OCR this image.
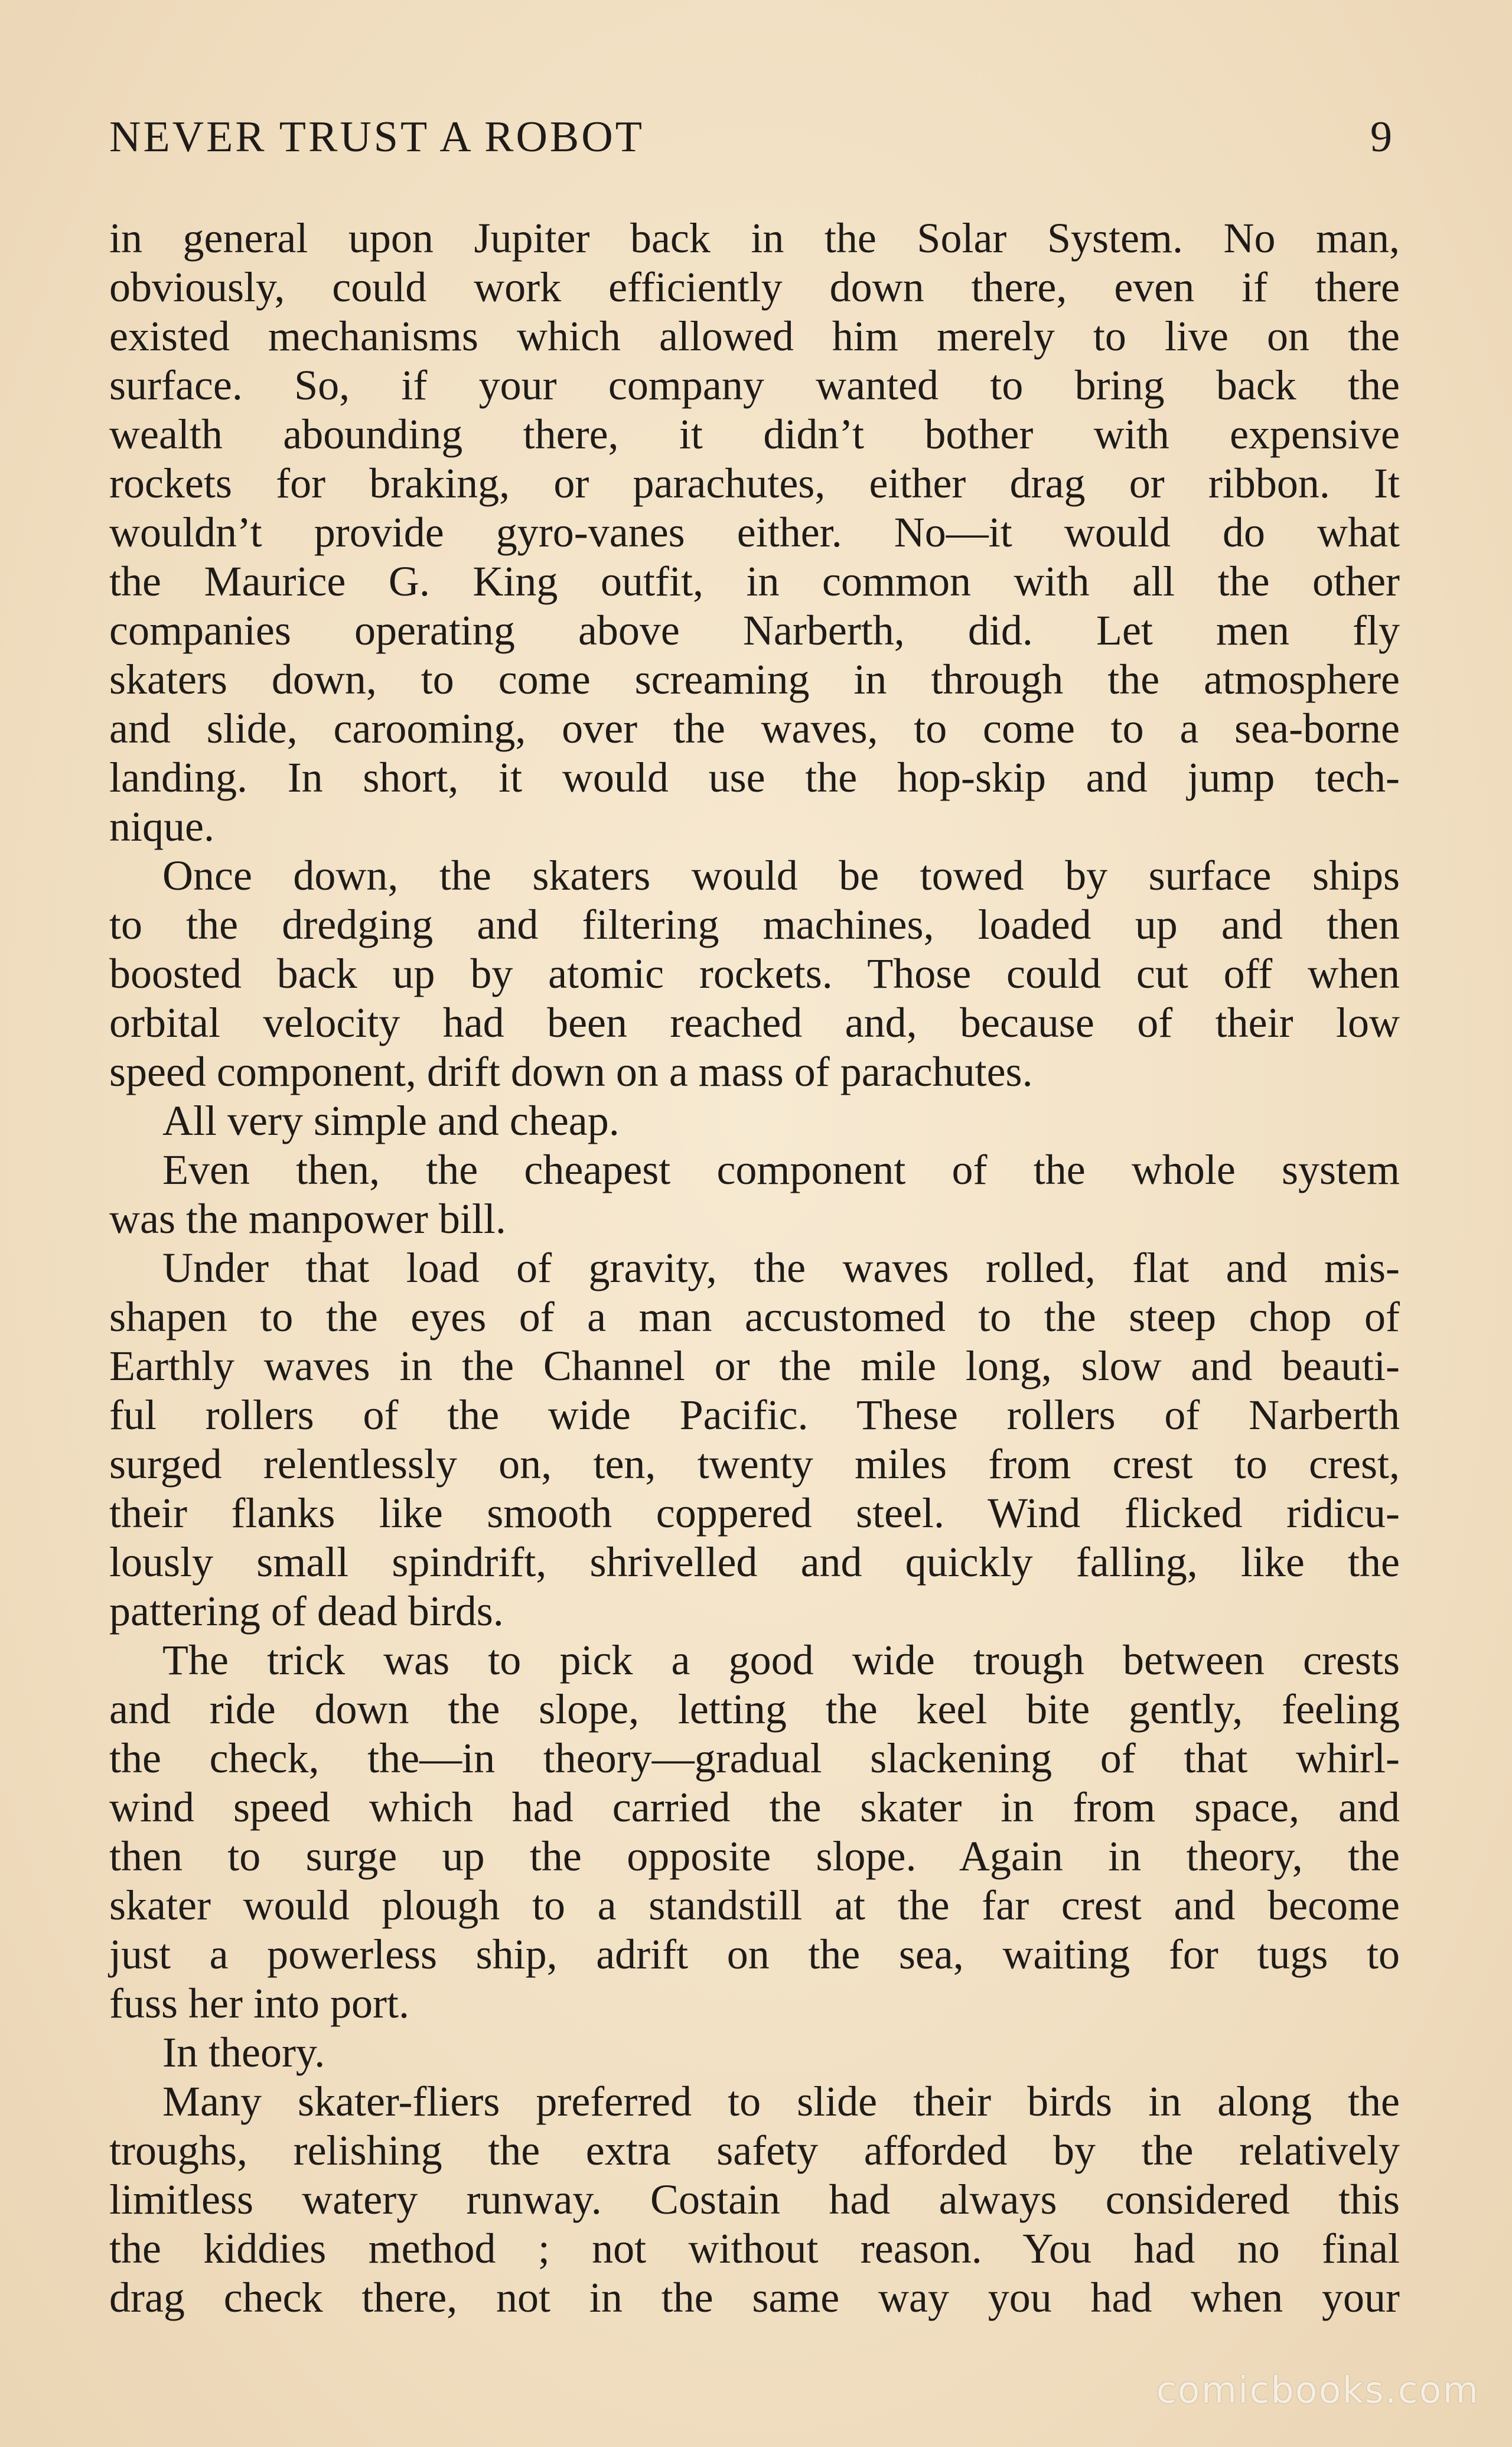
NEVER TRUST A ROBOT	9
in general upon Jupiter back in the Solar System. No man,
obviously, could work efficiently down there, even if there
existed mechanisms which allowed him merely to live on the
surface. So, if your company wanted to bring back the
wealth abounding there, it didn’t bother with expensive
rockets for braking, or parachutes, either drag or ribbon. It
wouldn’t provide gyro-vanes either. No—it would do what
the Maurice G. King outfit, in common with all the other
companies operating above Narberth, did. Let men fly
skaters down, to come screaming in through the atmosphere
and slide, carooming, over the waves, to come to a sea-borne
landing. In short, it would use the hop-skip and jump tech-
nique.
Once down, the skaters would be towed by surface ships
to the dredging and filtering machines, loaded up and then
boosted back up by atomic rockets. Those could cut off when
orbital velocity had been reached and, because of their low
speed component, drift down on a mass of parachutes.
All very simple and cheap.
Even then, the cheapest component of the whole system
was the manpower bill.
Under that load of gravity, the waves rolled, flat and mis-
shapen to the eyes of a man accustomed to the steep chop of
Earthly waves in the Channel or the mile long, slow and beauti-
ful rollers of the wide Pacific. These rollers of Narberth
surged relentlessly on, ten, twenty miles from crest to crest,
their flanks like smooth coppered steel. Wind flicked ridicu-
lously small spindrift, shrivelled and quickly falling, like the
pattering of dead birds.
The trick was to pick a good wide trough between crests
and ride down the slope, letting the keel bite gently, feeling
the check, the—in theory—gradual slackening of that whirl-
wind speed which had carried the skater in from space, and
then to surge up the opposite slope. Again in theory, the
skater would plough to a standstill at the far crest and become
just a powerless ship, adrift on the sea, waiting for tugs to
fuss her into port.
In theory.
Many skater-fliers preferred to slide their birds in along the
troughs, relishing the extra safety afforded by the relatively
limitless watery runway. Costain had always considered this
the kiddies method ; not without reason. You had no final
drag check there, not in the same way you had when your
comicbooks.com
